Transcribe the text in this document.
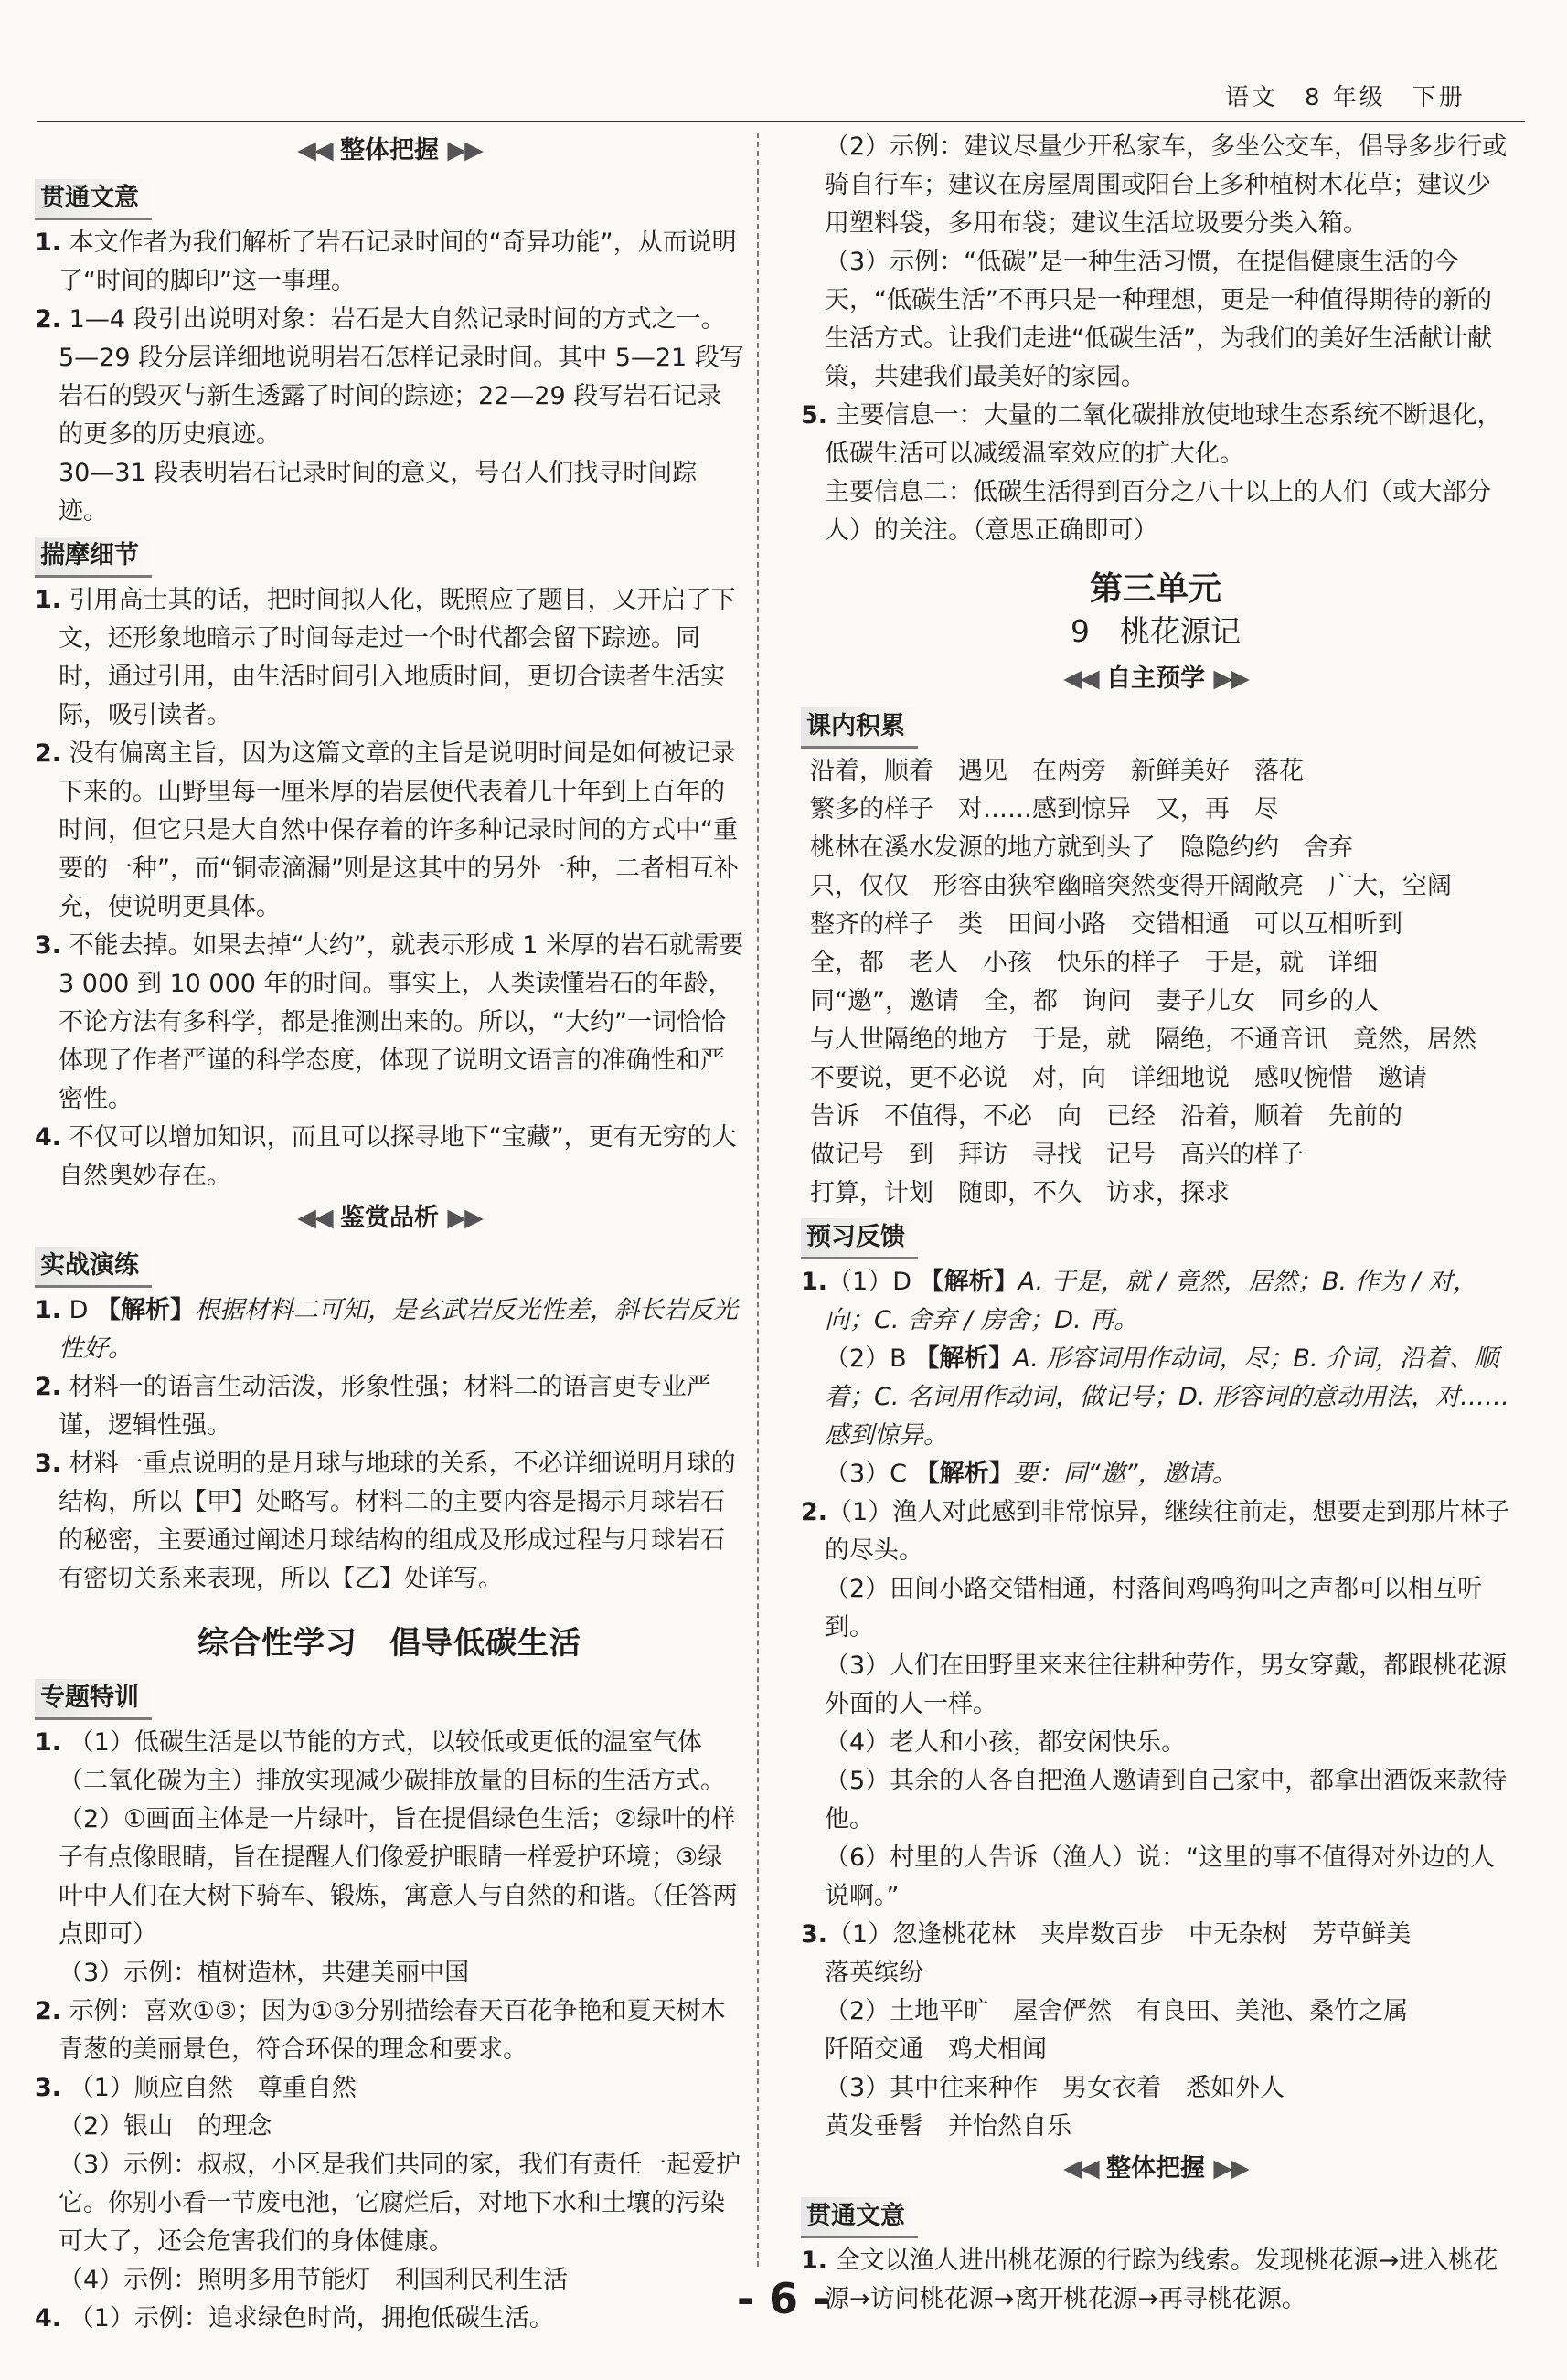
语文　8 年级　下册
◀◀ 整体把握 ▶▶
贯通文意

1. 本文作者为我们解析了岩石记录时间的“奇异功能”，从而说明了“时间的脚印”这一事理。

2. 1—4 段引出说明对象：岩石是大自然记录时间的方式之一。

5—29 段分层详细地说明岩石怎样记录时间。其中 5—21 段写岩石的毁灭与新生透露了时间的踪迹；22—29 段写岩石记录的更多的历史痕迹。

30—31 段表明岩石记录时间的意义，号召人们找寻时间踪迹。

揣摩细节

1. 引用高士其的话，把时间拟人化，既照应了题目，又开启了下文，还形象地暗示了时间每走过一个时代都会留下踪迹。同时，通过引用，由生活时间引入地质时间，更切合读者生活实际，吸引读者。

2. 没有偏离主旨，因为这篇文章的主旨是说明时间是如何被记录下来的。山野里每一厘米厚的岩层便代表着几十年到上百年的时间，但它只是大自然中保存着的许多种记录时间的方式中“重要的一种”，而“铜壶滴漏”则是这其中的另外一种，二者相互补充，使说明更具体。

3. 不能去掉。如果去掉“大约”，就表示形成 1 米厚的岩石就需要 3 000 到 10 000 年的时间。事实上，人类读懂岩石的年龄，不论方法有多科学，都是推测出来的。所以，“大约”一词恰恰体现了作者严谨的科学态度，体现了说明文语言的准确性和严密性。

4. 不仅可以增加知识，而且可以探寻地下“宝藏”，更有无穷的大自然奥妙存在。

◀◀ 鉴赏品析 ▶▶
实战演练

1. D 【解析】根据材料二可知，是玄武岩反光性差，斜长岩反光性好。

2. 材料一的语言生动活泼，形象性强；材料二的语言更专业严谨，逻辑性强。

3. 材料一重点说明的是月球与地球的关系，不必详细说明月球的结构，所以【甲】处略写。材料二的主要内容是揭示月球岩石的秘密，主要通过阐述月球结构的组成及形成过程与月球岩石有密切关系来表现，所以【乙】处详写。

综合性学习　倡导低碳生活
专题特训

1. （1）低碳生活是以节能的方式，以较低或更低的温室气体（二氧化碳为主）排放实现减少碳排放量的目标的生活方式。

（2）①画面主体是一片绿叶，旨在提倡绿色生活；②绿叶的样子有点像眼睛，旨在提醒人们像爱护眼睛一样爱护环境；③绿叶中人们在大树下骑车、锻炼，寓意人与自然的和谐。（任答两点即可）

（3）示例：植树造林，共建美丽中国

2. 示例：喜欢①③；因为①③分别描绘春天百花争艳和夏天树木青葱的美丽景色，符合环保的理念和要求。

3. （1）顺应自然　尊重自然

（2）银山　的理念

（3）示例：叔叔，小区是我们共同的家，我们有责任一起爱护它。你别小看一节废电池，它腐烂后，对地下水和土壤的污染可大了，还会危害我们的身体健康。

（4）示例：照明多用节能灯　利国利民利生活

4. （1）示例：追求绿色时尚，拥抱低碳生活。

（2）示例：建议尽量少开私家车，多坐公交车，倡导多步行或骑自行车；建议在房屋周围或阳台上多种植树木花草；建议少用塑料袋，多用布袋；建议生活垃圾要分类入箱。

（3）示例：“低碳”是一种生活习惯，在提倡健康生活的今天，“低碳生活”不再只是一种理想，更是一种值得期待的新的生活方式。让我们走进“低碳生活”，为我们的美好生活献计献策，共建我们最美好的家园。

5. 主要信息一：大量的二氧化碳排放使地球生态系统不断退化，低碳生活可以减缓温室效应的扩大化。

主要信息二：低碳生活得到百分之八十以上的人们（或大部分人）的关注。（意思正确即可）

第三单元
9　桃花源记
◀◀ 自主预学 ▶▶
课内积累
沿着，顺着　遇见　在两旁　新鲜美好　落花
繁多的样子　对……感到惊异　又，再　尽
桃林在溪水发源的地方就到头了　隐隐约约　舍弃
只，仅仅　形容由狭窄幽暗突然变得开阔敞亮　广大，空阔
整齐的样子　类　田间小路　交错相通　可以互相听到
全，都　老人　小孩　快乐的样子　于是，就　详细
同“邀”，邀请　全，都　询问　妻子儿女　同乡的人
与人世隔绝的地方　于是，就　隔绝，不通音讯　竟然，居然
不要说，更不必说　对，向　详细地说　感叹惋惜　邀请
告诉　不值得，不必　向　已经　沿着，顺着　先前的
做记号　到　拜访　寻找　记号　高兴的样子
打算，计划　随即，不久　访求，探求
预习反馈

1.（1）D 【解析】A. 于是，就 / 竟然，居然；B. 作为 / 对，向；C. 舍弃 / 房舍；D. 再。

（2）B 【解析】A. 形容词用作动词，尽；B. 介词，沿着、顺着；C. 名词用作动词，做记号；D. 形容词的意动用法，对……感到惊异。

（3）C 【解析】要：同“邀”，邀请。

2.（1）渔人对此感到非常惊异，继续往前走，想要走到那片林子的尽头。

（2）田间小路交错相通，村落间鸡鸣狗叫之声都可以相互听到。

（3）人们在田野里来来往往耕种劳作，男女穿戴，都跟桃花源外面的人一样。

（4）老人和小孩，都安闲快乐。

（5）其余的人各自把渔人邀请到自己家中，都拿出酒饭来款待他。

（6）村里的人告诉（渔人）说：“这里的事不值得对外边的人说啊。”

3.（1）忽逢桃花林　夹岸数百步　中无杂树　芳草鲜美

落英缤纷

（2）土地平旷　屋舍俨然　有良田、美池、桑竹之属

阡陌交通　鸡犬相闻

（3）其中往来种作　男女衣着　悉如外人

黄发垂髫　并怡然自乐

◀◀ 整体把握 ▶▶
贯通文意

1. 全文以渔人进出桃花源的行踪为线索。发现桃花源→进入桃花源→访问桃花源→离开桃花源→再寻桃花源。

- 6 -
